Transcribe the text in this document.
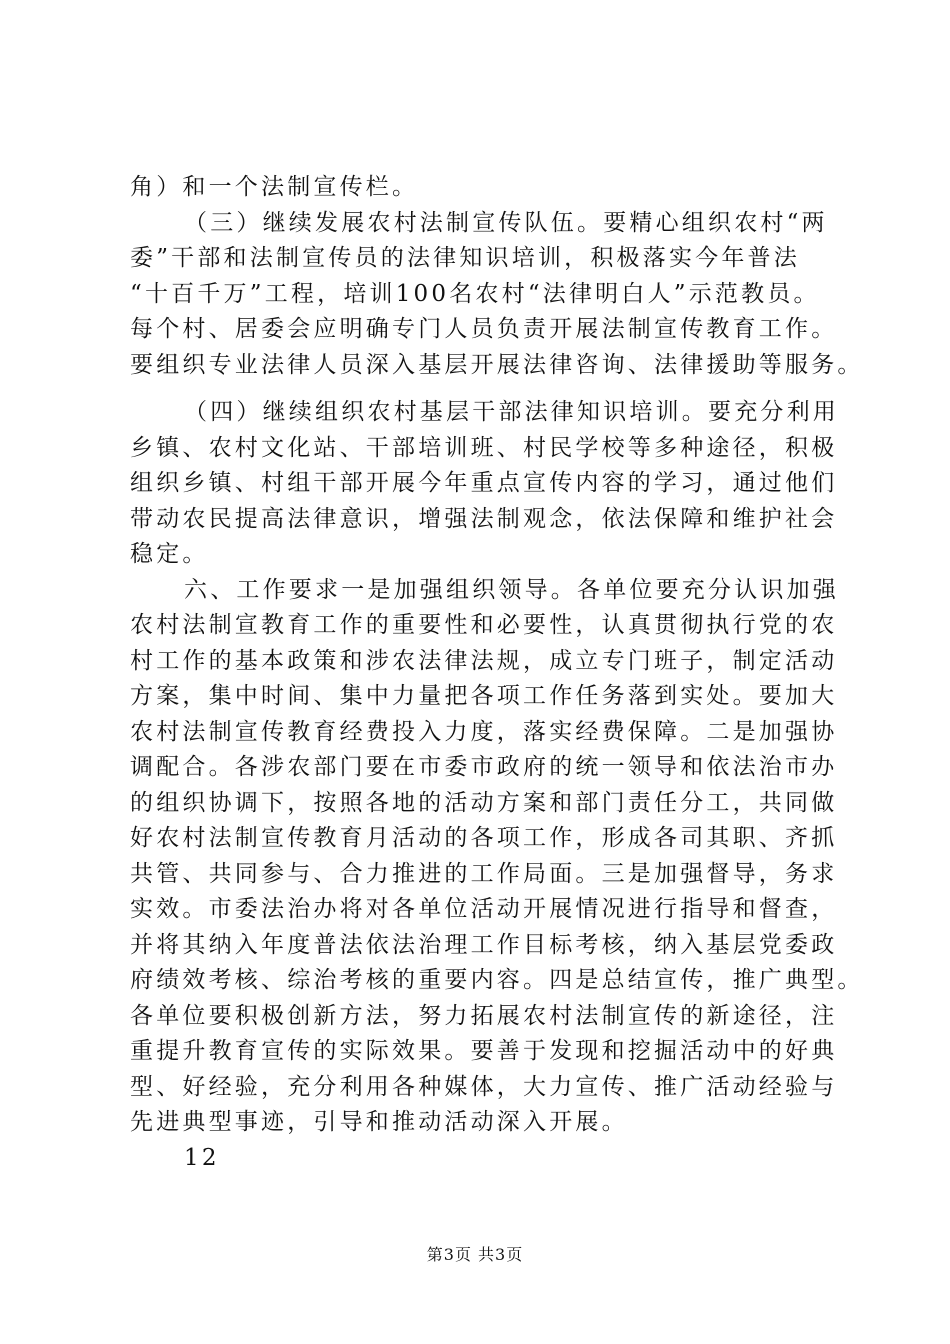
角）和一个法制宣传栏。
（三）继续发展农村法制宣传队伍。要精心组织农村“两
委”干部和法制宣传员的法律知识培训，积极落实今年普法
“十百千万”工程，培训100名农村“法律明白人”示范教员。
每个村、居委会应明确专门人员负责开展法制宣传教育工作。
要组织专业法律人员深入基层开展法律咨询、法律援助等服务。
（四）继续组织农村基层干部法律知识培训。要充分利用
乡镇、农村文化站、干部培训班、村民学校等多种途径，积极
组织乡镇、村组干部开展今年重点宣传内容的学习，通过他们
带动农民提高法律意识，增强法制观念，依法保障和维护社会
稳定。
六、工作要求一是加强组织领导。各单位要充分认识加强
农村法制宣教育工作的重要性和必要性，认真贯彻执行党的农
村工作的基本政策和涉农法律法规，成立专门班子，制定活动
方案，集中时间、集中力量把各项工作任务落到实处。要加大
农村法制宣传教育经费投入力度，落实经费保障。二是加强协
调配合。各涉农部门要在市委市政府的统一领导和依法治市办
的组织协调下，按照各地的活动方案和部门责任分工，共同做
好农村法制宣传教育月活动的各项工作，形成各司其职、齐抓
共管、共同参与、合力推进的工作局面。三是加强督导，务求
实效。市委法治办将对各单位活动开展情况进行指导和督查，
并将其纳入年度普法依法治理工作目标考核，纳入基层党委政
府绩效考核、综治考核的重要内容。四是总结宣传，推广典型。
各单位要积极创新方法，努力拓展农村法制宣传的新途径，注
重提升教育宣传的实际效果。要善于发现和挖掘活动中的好典
型、好经验，充分利用各种媒体，大力宣传、推广活动经验与
先进典型事迹，引导和推动活动深入开展。
12
第3页 共3页
